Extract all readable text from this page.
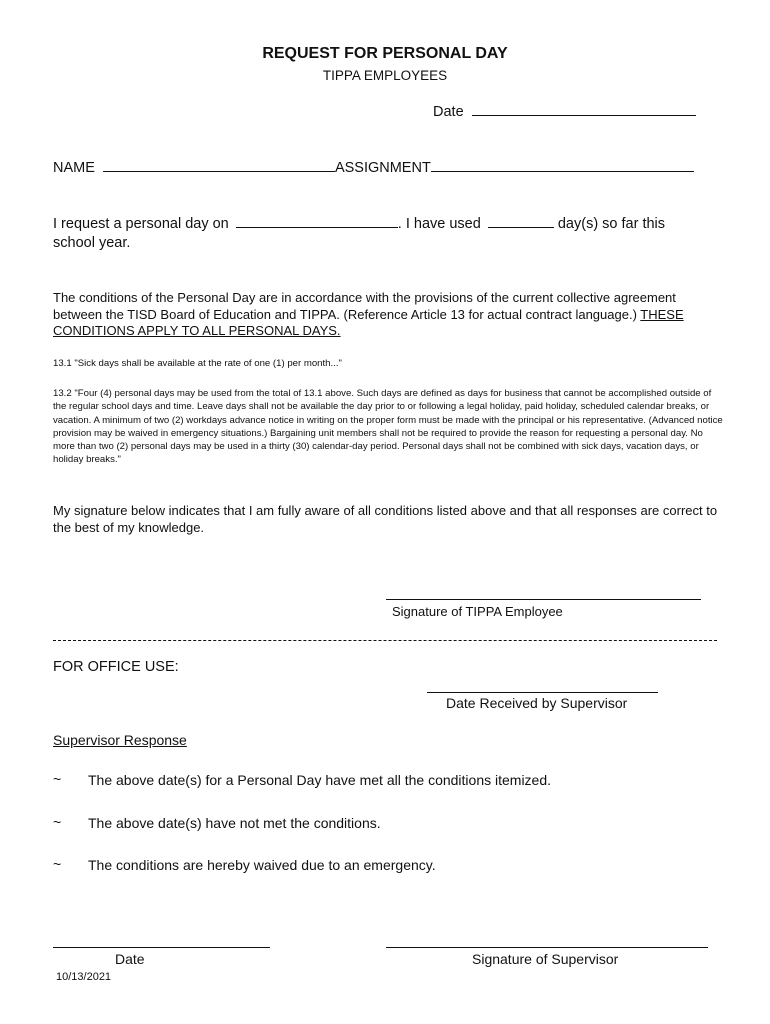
REQUEST FOR PERSONAL DAY
TIPPA EMPLOYEES
Date
NAME	ASSIGNMENT
I request a personal day on	. I have used	day(s) so far this
school year.
The conditions of the Personal Day are in accordance with the provisions of the current collective agreement between the TISD Board of Education and TIPPA. (Reference Article 13 for actual contract language.) THESE CONDITIONS APPLY TO ALL PERSONAL DAYS.
13.1 "Sick days shall be available at the rate of one (1) per month..."
13.2 "Four (4) personal days may be used from the total of 13.1 above. Such days are defined as days for business that cannot be accomplished outside of the regular school days and time. Leave days shall not be available the day prior to or following a legal holiday, paid holiday, scheduled calendar breaks, or vacation. A minimum of two (2) workdays advance notice in writing on the proper form must be made with the principal or his representative. (Advanced notice provision may be waived in emergency situations.) Bargaining unit members shall not be required to provide the reason for requesting a personal day. No more than two (2) personal days may be used in a thirty (30) calendar-day period. Personal days shall not be combined with sick days, vacation days, or holiday breaks."
My signature below indicates that I am fully aware of all conditions listed above and that all responses are correct to the best of my knowledge.
Signature of TIPPA Employee
FOR OFFICE USE:
Date Received by Supervisor
Supervisor Response
~ The above date(s) for a Personal Day have met all the conditions itemized.
~ The above date(s) have not met the conditions.
~ The conditions are hereby waived due to an emergency.
Date	Signature of Supervisor
10/13/2021
